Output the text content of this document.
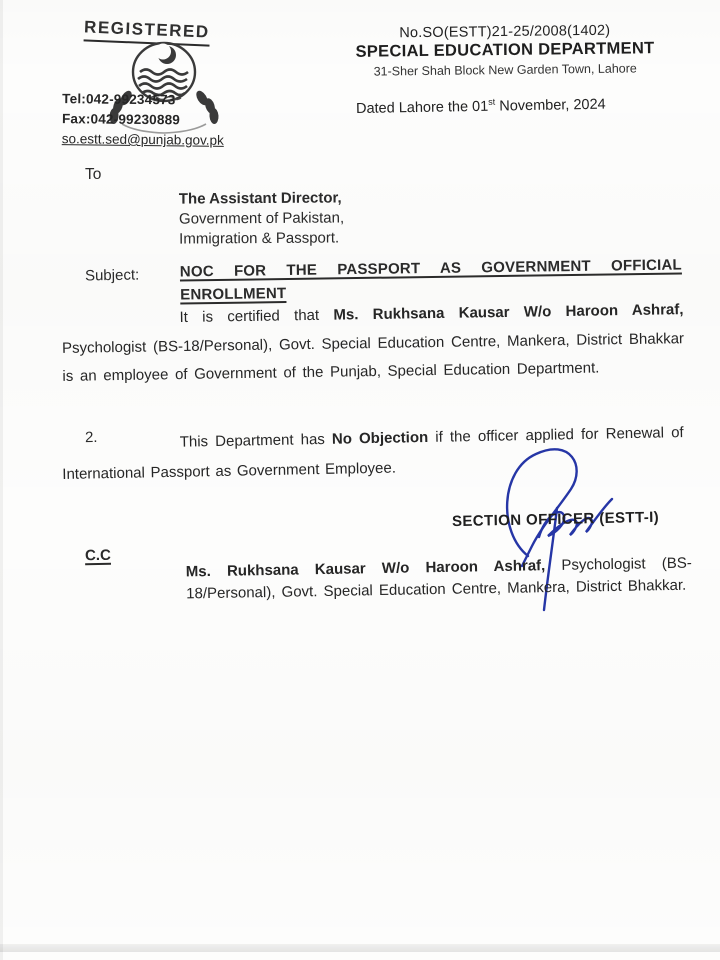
REGISTERED
Tel:042-99234573
Fax:042-99230889
so.estt.sed@punjab.gov.pk
No.SO(ESTT)21-25/2008(1402)
SPECIAL EDUCATION DEPARTMENT
31-Sher Shah Block New Garden Town, Lahore
Dated Lahore the 01st November, 2024
To
The Assistant Director,
Government of Pakistan,
Immigration & Passport.
Subject:	NOC FOR THE PASSPORT AS GOVERNMENT OFFICIAL
ENROLLMENT
It is certified that Ms. Rukhsana Kausar W/o Haroon Ashraf, Psychologist (BS-18/Personal), Govt. Special Education Centre, Mankera, District Bhakkar is an employee of Government of the Punjab, Special Education Department.
2.	This Department has No Objection if the officer applied for Renewal of International Passport as Government Employee.
SECTION OFFICER (ESTT-I)
C.C
Ms. Rukhsana Kausar W/o Haroon Ashraf, Psychologist (BS-18/Personal), Govt. Special Education Centre, Mankera, District Bhakkar.
